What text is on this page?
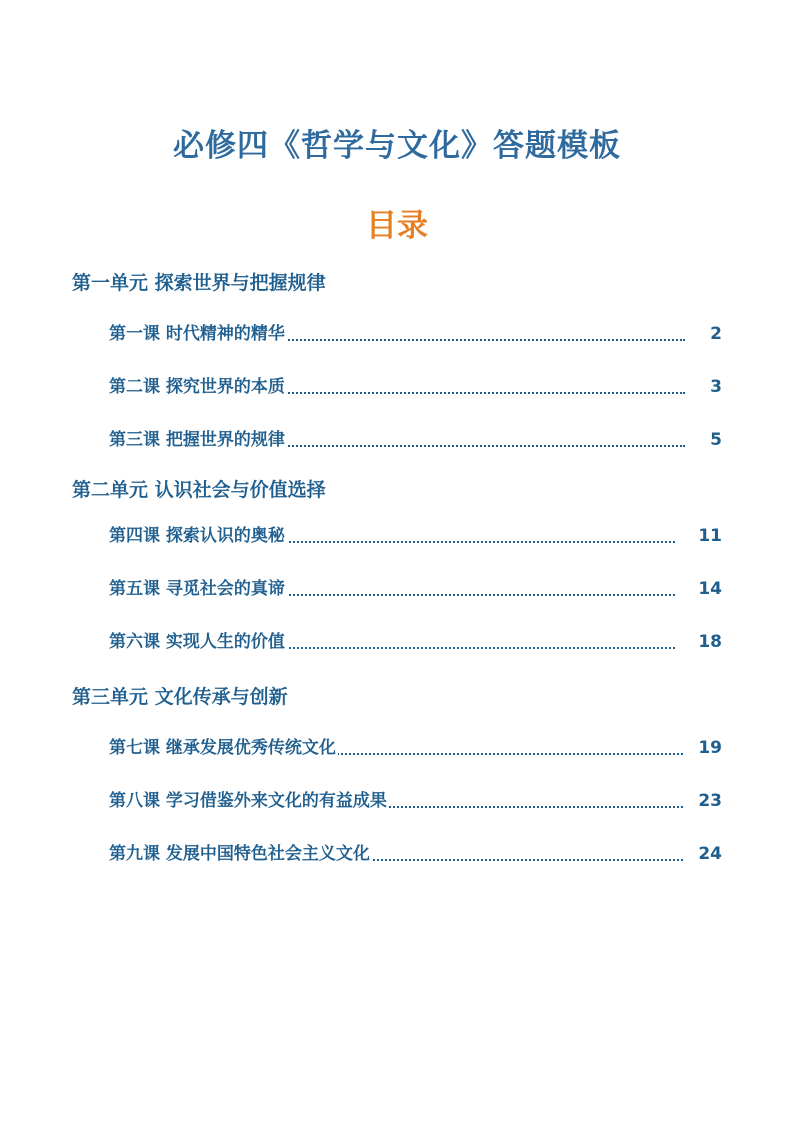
必修四《哲学与文化》答题模板
目录
第一单元 探索世界与把握规律
第一课 时代精神的精华	2
第二课 探究世界的本质	3
第三课 把握世界的规律	5
第二单元 认识社会与价值选择
第四课 探索认识的奥秘	11
第五课 寻觅社会的真谛	14
第六课 实现人生的价值	18
第三单元 文化传承与创新
第七课 继承发展优秀传统文化	19
第八课 学习借鉴外来文化的有益成果	23
第九课 发展中国特色社会主义文化	24
